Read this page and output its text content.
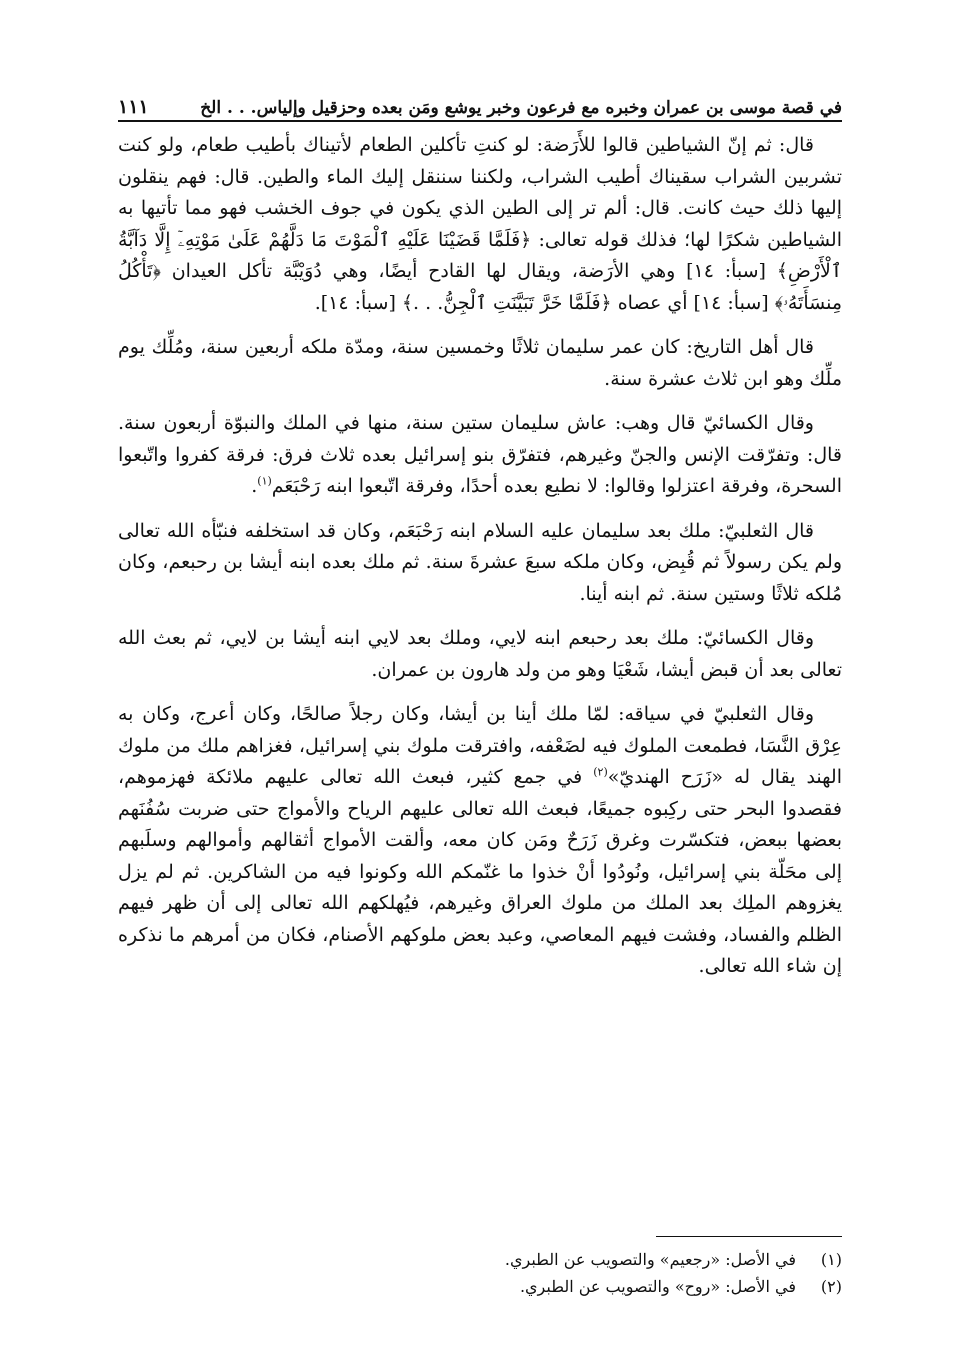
في قصة موسى بن عمران وخبره مع فرعون وخبر يوشع ومَن بعده وحزقيل وإلياس. . . الخ
١١١

قال: ثم إنّ الشياطين قالوا للأَرَضة: لو كنتِ تأكلين الطعام لأتيناك بأطيب طعام، ولو كنت تشربين الشراب سقيناك أطيب الشراب، ولكننا سننقل إليك الماء والطين. قال: فهم ينقلون إليها ذلك حيث كانت. قال: ألم تر إلى الطين الذي يكون في جوف الخشب فهو مما تأتيها به الشياطين شكرًا لها؛ فذلك قوله تعالى: ﴿فَلَمَّا قَضَيْنَا عَلَيْهِ ٱلْمَوْتَ مَا دَلَّهُمْ عَلَىٰ مَوْتِهِۦٓ إِلَّا دَآبَّةُ ٱلْأَرْضِ﴾ [سبأ: ١٤] وهي الأرَضة، ويقال لها القادح أيضًا، وهي دُوَيْبَّة تأكل العيدان ﴿تَأْكُلُ مِنسَأَتَهُۥ﴾ [سبأ: ١٤] أي عصاه ﴿فَلَمَّا خَرَّ تَبَيَّنَتِ ٱلْجِنُّ. . .﴾ [سبأ: ١٤].

قال أهل التاريخ: كان عمر سليمان ثلاثًا وخمسين سنة، ومدّة ملكه أربعين سنة، ومُلِّك يوم ملِّك وهو ابن ثلاث عشرة سنة.

وقال الكسائيّ قال وهب: عاش سليمان ستين سنة، منها في الملك والنبوّة أربعون سنة. قال: وتفرّقت الإنس والجنّ وغيرهم، فتفرّق بنو إسرائيل بعده ثلاث فرق: فرقة كفروا واتّبعوا السحرة، وفرقة اعتزلوا وقالوا: لا نطيع بعده أحدًا، وفرقة اتّبعوا ابنه رَحْبَعَم$^{(١)}$.

قال الثعلبيّ: ملك بعد سليمان عليه السلام ابنه رَحْبَعَم، وكان قد استخلفه فنبّأه الله تعالى ولم يكن رسولاً ثم قُبِض، وكان ملكه سبعَ عشرةَ سنة. ثم ملك بعده ابنه أيشا بن رحبعم، وكان مُلكه ثلاثًا وستين سنة. ثم ابنه أينا.

وقال الكسائيّ: ملك بعد رحبعم ابنه لايي، وملك بعد لايي ابنه أيشا بن لايي، ثم بعث الله تعالى بعد أن قبض أيشا، شَعْيَا وهو من ولد هارون بن عمران.

وقال الثعلبيّ في سياقه: لمّا ملك أينا بن أيشا، وكان رجلاً صالحًا، وكان أعرج، وكان به عِرْق النَّسَا، فطمعت الملوك فيه لضَعْفه، وافترقت ملوك بني إسرائيل، فغزاهم ملك من ملوك الهند يقال له «زَرَح الهنديّ»$^{(٢)}$ في جمع كثير، فبعث الله تعالى عليهم ملائكة فهزموهم، فقصدوا البحر حتى ركِبوه جميعًا، فبعث الله تعالى عليهم الرياح والأمواج حتى ضربت سُفُنَهم بعضها ببعض، فتكسّرت وغرق زَرَحٌ ومَن كان معه، وألقت الأمواج أثقالهم وأموالهم وسلَبهم إلى محَلّة بني إسرائيل، ونُودُوا أنْ خذوا ما غنّمكم الله وكونوا فيه من الشاكرين. ثم لم يزل يغزوهم الملِك بعد الملك من ملوك العراق وغيرهم، فيُهلكهم الله تعالى إلى أن ظهر فيهم الظلم والفساد، وفشت فيهم المعاصي، وعبد بعض ملوكهم الأصنام، فكان من أمرهم ما نذكره إن شاء الله تعالى.

(١)
في الأصل: «رجعيم» والتصويب عن الطبري.
(٢)
في الأصل: «روح» والتصويب عن الطبري.
